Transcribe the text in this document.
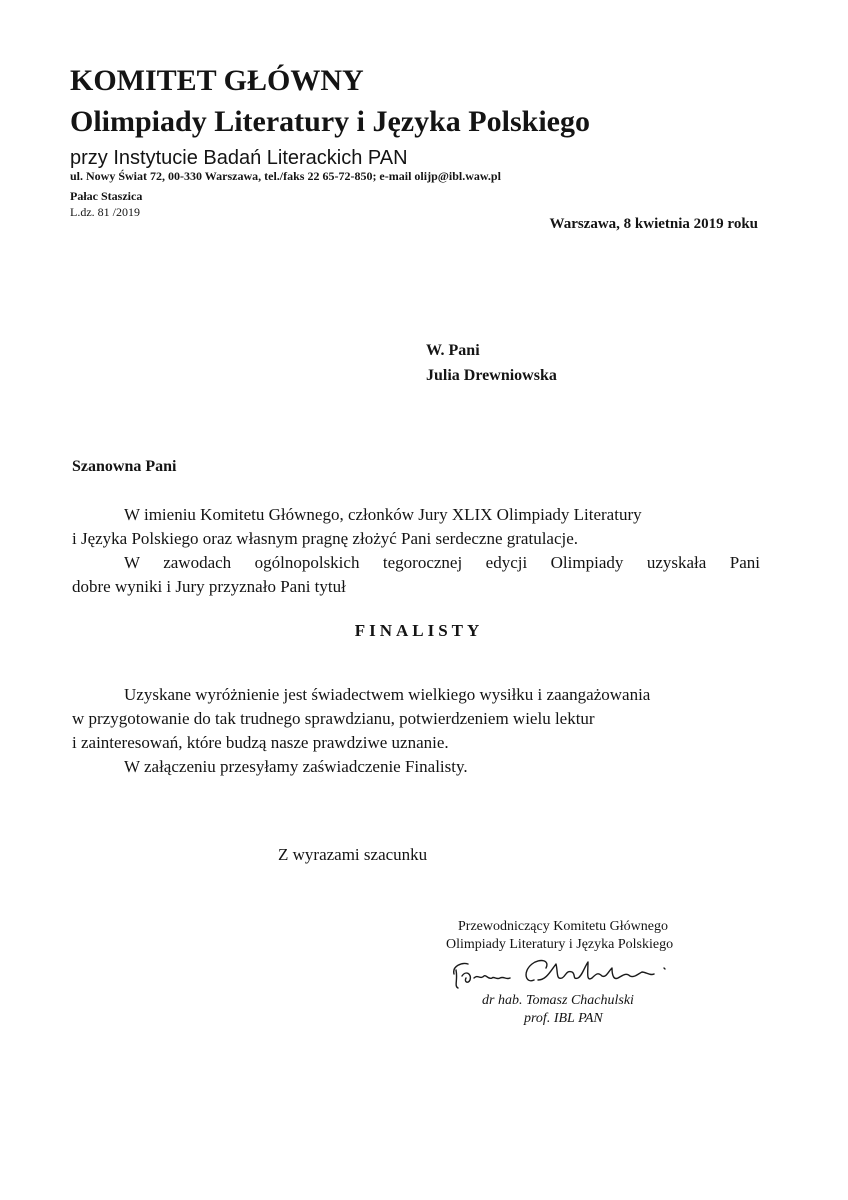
KOMITET GŁÓWNY
Olimpiady Literatury i Języka Polskiego
przy Instytucie Badań Literackich PAN
ul. Nowy Świat 72, 00-330 Warszawa, tel./faks 22 65-72-850; e-mail olijp@ibl.waw.pl
Pałac Staszica
L.dz. 81 /2019
Warszawa, 8 kwietnia 2019 roku
W. Pani
Julia Drewniowska
Szanowna Pani
W imieniu Komitetu Głównego, członków Jury XLIX Olimpiady Literatury
i Języka Polskiego oraz własnym pragnę złożyć Pani serdeczne gratulacje.
W zawodach ogólnopolskich tegorocznej edycji Olimpiady uzyskała Pani
dobre wyniki i Jury przyznało Pani tytuł
FINALISTY
Uzyskane wyróżnienie jest świadectwem wielkiego wysiłku i zaangażowania
w przygotowanie do tak trudnego sprawdzianu, potwierdzeniem wielu lektur
i zainteresowań, które budzą nasze prawdziwe uznanie.
W załączeniu przesyłamy zaświadczenie Finalisty.
Z wyrazami szacunku
Przewodniczący Komitetu Głównego
Olimpiady Literatury i Języka Polskiego
dr hab. Tomasz Chachulski
prof. IBL PAN
